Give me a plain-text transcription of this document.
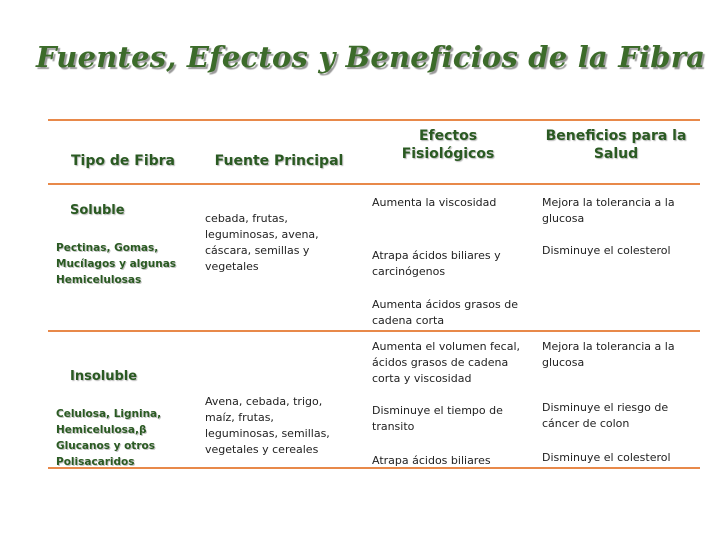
Fuentes, Efectos y Beneficios de la Fibra
Tipo de Fibra	Fuente Principal
Efectos Fisiológicos
Beneficios para la Salud
Soluble
Pectinas, Gomas, Mucílagos y algunas Hemicelulosas
cebada, frutas, leguminosas, avena, cáscara, semillas y vegetales
Aumenta la viscosidad
Atrapa ácidos biliares y carcinógenos
Aumenta ácidos grasos de cadena corta
Mejora la tolerancia a la glucosa
Disminuye el colesterol
Insoluble
Celulosa, Lignina, Hemicelulosa,β Glucanos y otros Polisacaridos
Avena, cebada, trigo, maíz, frutas, leguminosas, semillas, vegetales y cereales
Aumenta el volumen fecal, ácidos grasos de cadena corta y viscosidad
Disminuye el tiempo de transito
Atrapa ácidos biliares
Mejora la tolerancia a la glucosa
Disminuye el riesgo de cáncer de colon
Disminuye el colesterol
